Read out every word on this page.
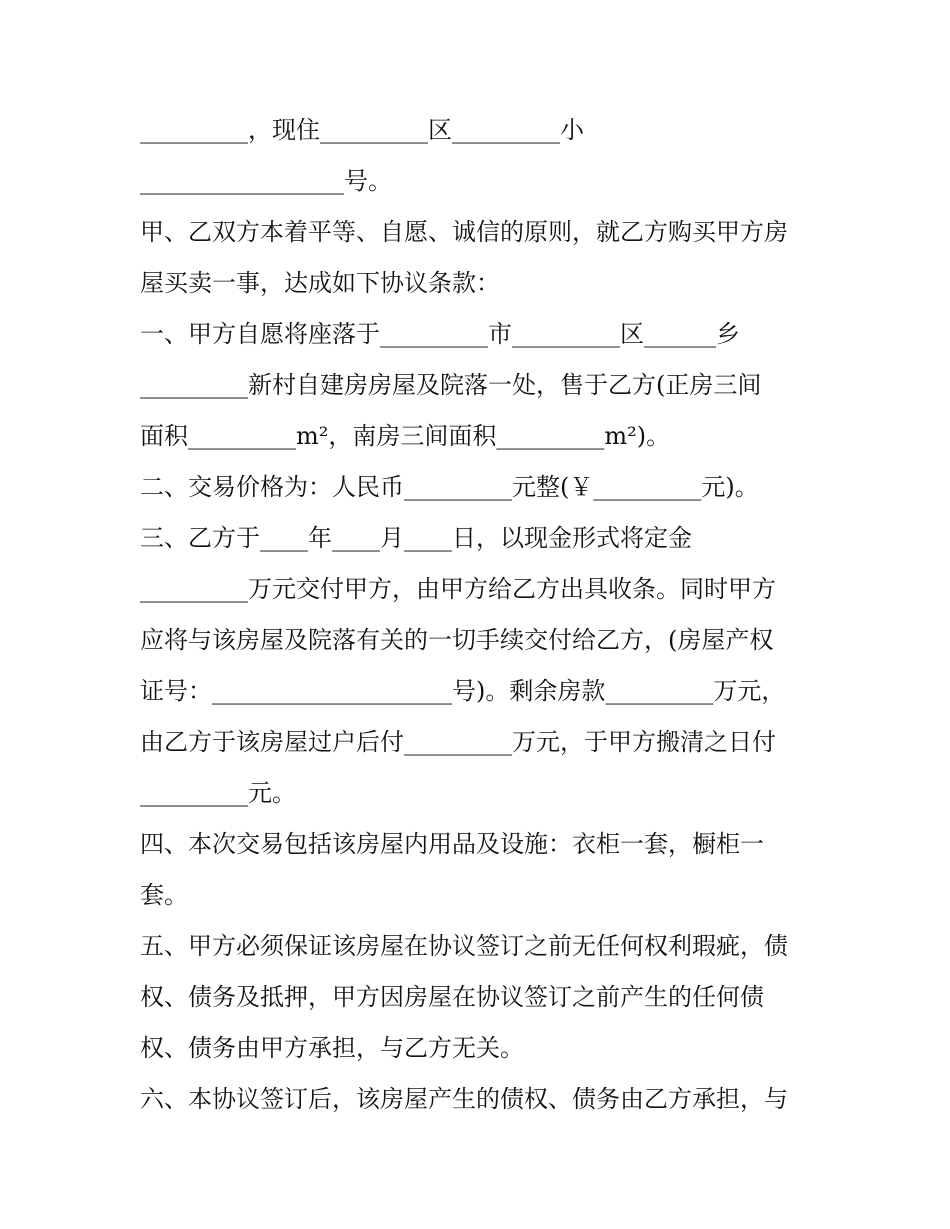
_________，现住_________区_________小

_________________号。

甲、乙双方本着平等、自愿、诚信的原则，就乙方购买甲方房

屋买卖一事，达成如下协议条款：

一、甲方自愿将座落于_________市_________区______乡

_________新村自建房房屋及院落一处，售于乙方(正房三间

面积_________m²，南房三间面积_________m²)。

二、交易价格为：人民币_________元整(￥_________元)。

三、乙方于____年____月____日，以现金形式将定金

_________万元交付甲方，由甲方给乙方出具收条。同时甲方

应将与该房屋及院落有关的一切手续交付给乙方，(房屋产权

证号：____________________号)。剩余房款_________万元，

由乙方于该房屋过户后付_________万元，于甲方搬清之日付

_________元。

四、本次交易包括该房屋内用品及设施：衣柜一套，橱柜一

套。

五、甲方必须保证该房屋在协议签订之前无任何权利瑕疵，债

权、债务及抵押，甲方因房屋在协议签订之前产生的任何债

权、债务由甲方承担，与乙方无关。

六、本协议签订后，该房屋产生的债权、债务由乙方承担，与
